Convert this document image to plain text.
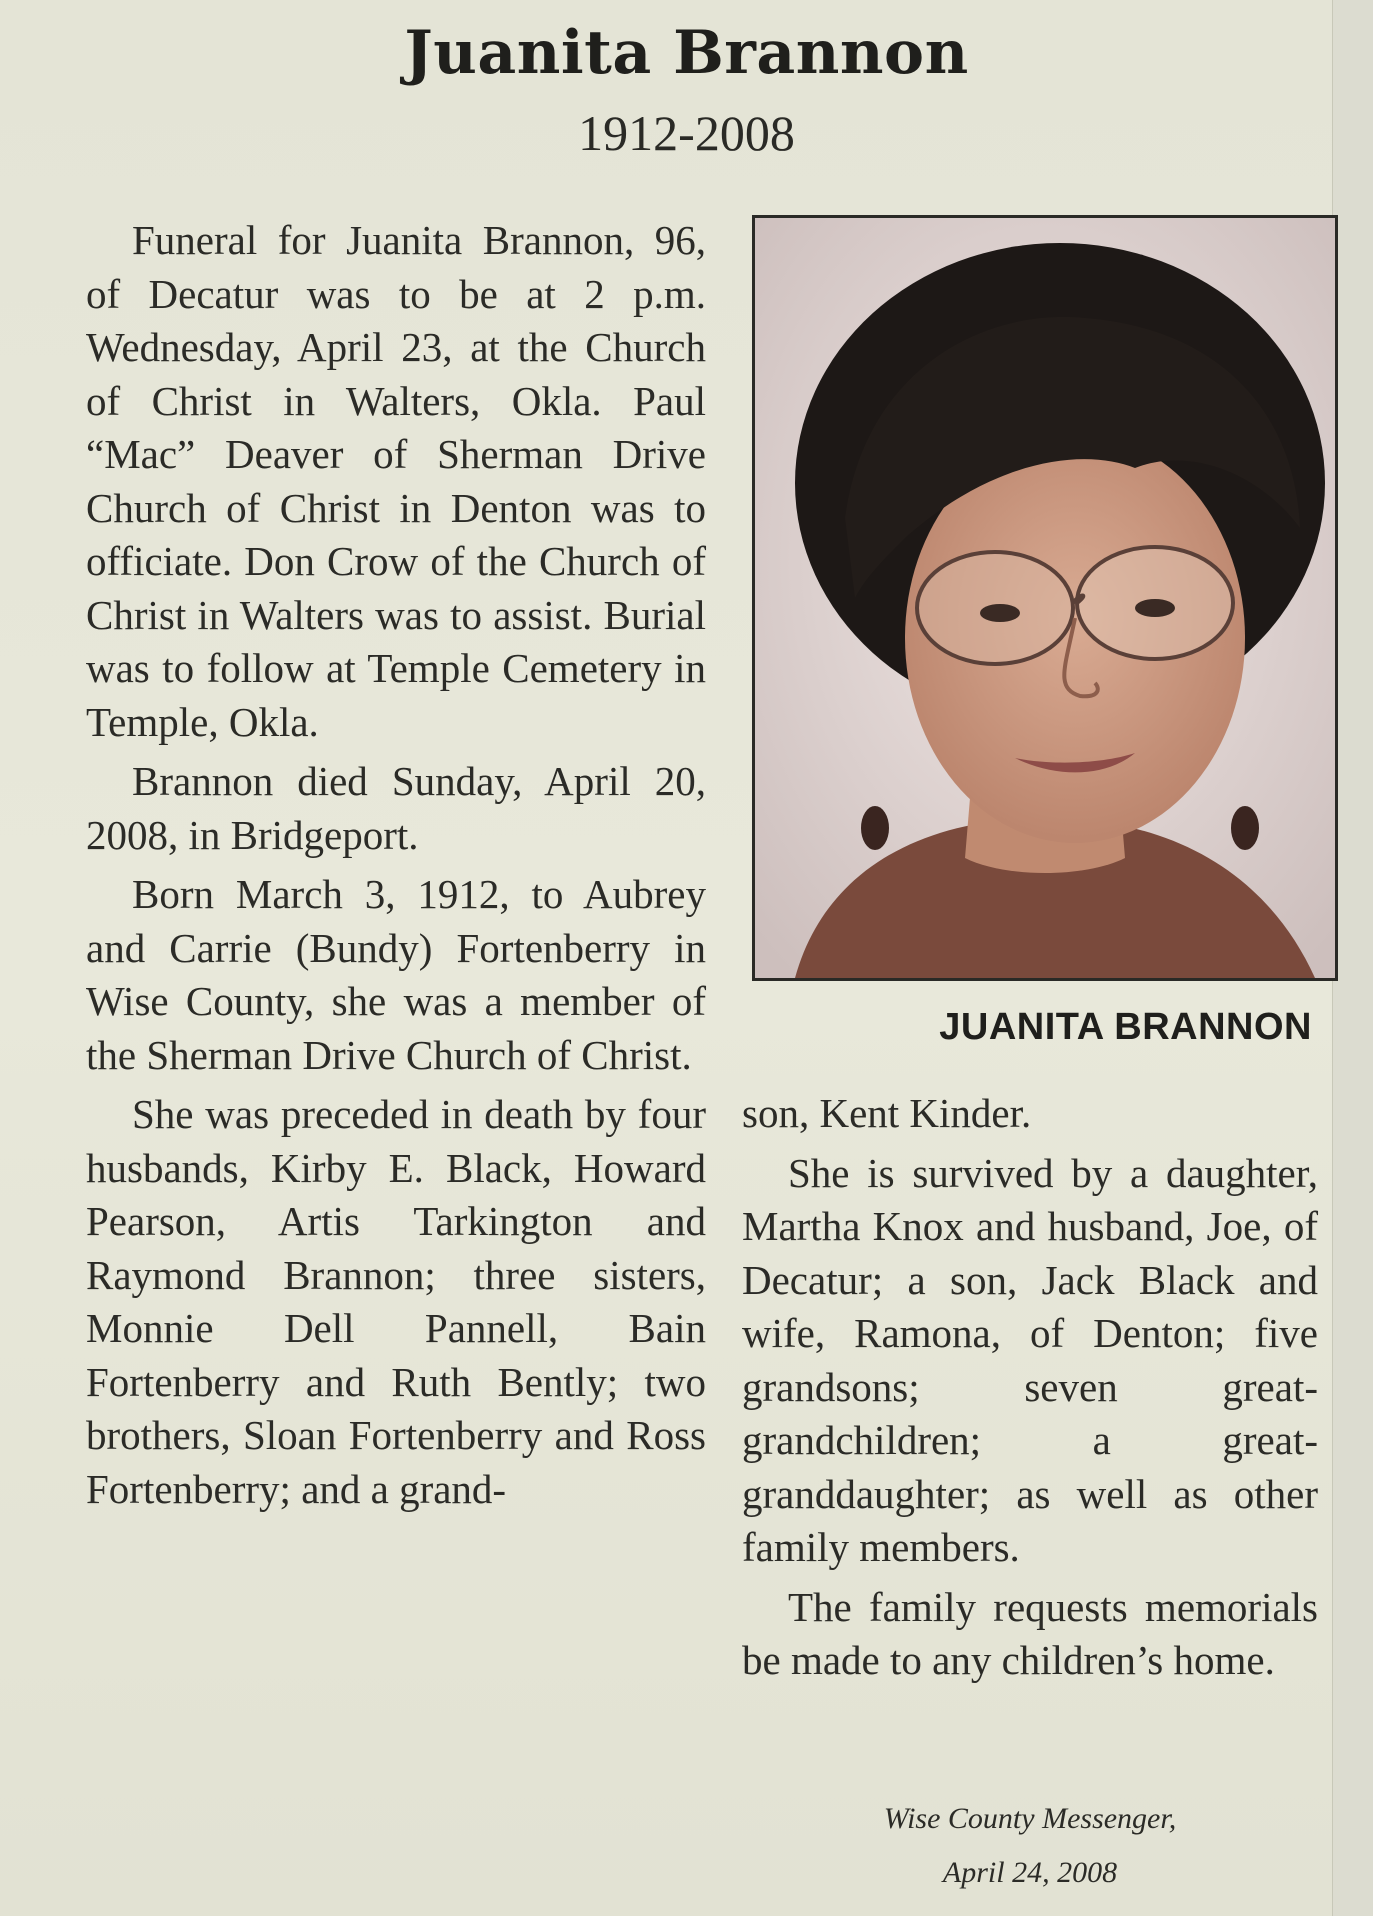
Juanita Brannon
1912-2008

Funeral for Juanita Brannon, 96, of Decatur was to be at 2 p.m. Wednesday, April 23, at the Church of Christ in Walters, Okla. Paul “Mac” Deaver of Sherman Drive Church of Christ in Denton was to officiate. Don Crow of the Church of Christ in Walters was to assist. Burial was to follow at Temple Cemetery in Temple, Okla.

Brannon died Sunday, April 20, 2008, in Bridgeport.

Born March 3, 1912, to Aubrey and Carrie (Bundy) Fortenberry in Wise County, she was a member of the Sherman Drive Church of Christ.

She was preceded in death by four husbands, Kirby E. Black, Howard Pearson, Artis Tarkington and Raymond Brannon; three sisters, Monnie Dell Pannell, Bain Fortenberry and Ruth Bently; two brothers, Sloan Fortenberry and Ross Fortenberry; and a grand-

JUANITA BRANNON

son, Kent Kinder.

She is survived by a daughter, Martha Knox and husband, Joe, of Decatur; a son, Jack Black and wife, Ramona, of Denton; five grandsons; seven great-grandchildren; a great-granddaughter; as well as other family members.

The family requests memorials be made to any children’s home.

Wise County Messenger,
April 24, 2008
